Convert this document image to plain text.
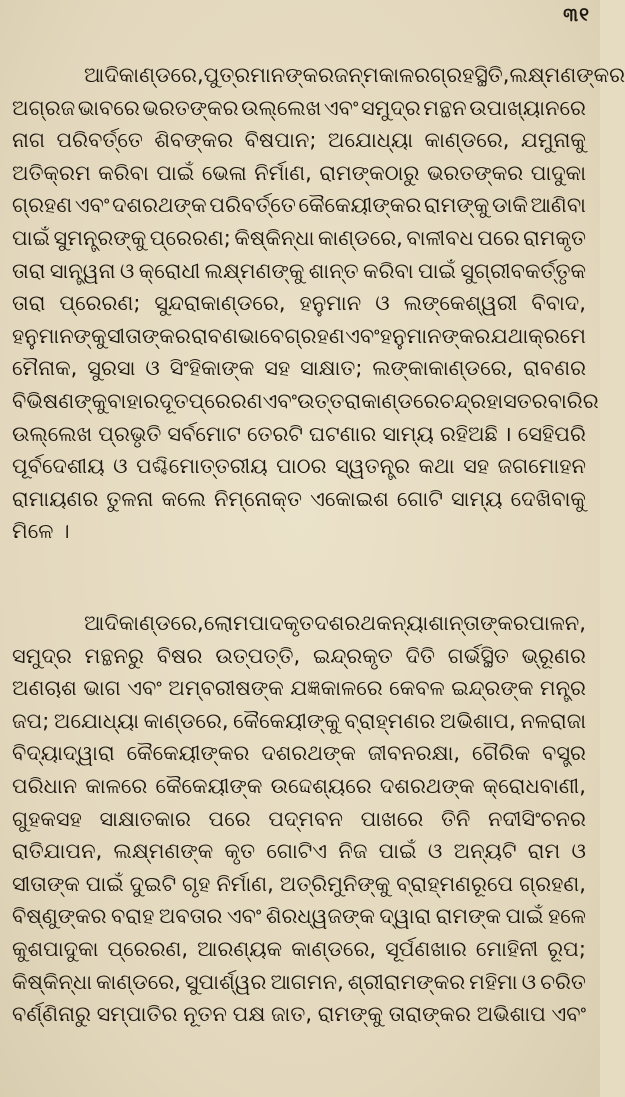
୩୧
ଆଦିକାଣ୍ଡରେ, ପୁତ୍ରମାନଙ୍କର ଜନ୍ମକାଳର ଗ୍ରହସ୍ଥିତି, ଲକ୍ଷ୍ମଣଙ୍କର
ଅଗ୍ରଜ ଭାବରେ ଭରତଙ୍କର ଉଲ୍ଲେଖ ଏବଂ ସମୁଦ୍ର ମନ୍ଥନ ଉପାଖ୍ୟାନରେ
ନାଗ ପରିବର୍ତ୍ତେ ଶିବଙ୍କର ବିଷପାନ; ଅଯୋଧ୍ୟା କାଣ୍ଡରେ, ଯମୁନାକୁ
ଅତିକ୍ରମ କରିବା ପାଇଁ ଭେଳା ନିର୍ମାଣ, ରାମଙ୍କଠାରୁ ଭରତଙ୍କର ପାଦୁକା
ଗ୍ରହଣ ଏବଂ ଦଶରଥଙ୍କ ପରିବର୍ତ୍ତେ କୈକେୟୀଙ୍କର ରାମଙ୍କୁ ଡାକି ଆଣିବା
ପାଇଁ ସୁମନ୍ତ୍ରଙ୍କୁ ପ୍ରେରଣ; କିଷ୍କିନ୍ଧା କାଣ୍ଡରେ, ବାଳୀବଧ ପରେ ରାମକୃତ
ତାରା ସାନ୍ତ୍ୱନା ଓ କ୍ରୋଧୀ ଲକ୍ଷ୍ମଣଙ୍କୁ ଶାନ୍ତ କରିବା ପାଇଁ ସୁଗ୍ରୀବକର୍ତ୍ତୃକ
ତାରା ପ୍ରେରଣ; ସୁନ୍ଦରାକାଣ୍ଡରେ, ହନୁମାନ ଓ ଲଙ୍କେଶ୍ୱରୀ ବିବାଦ,
ହନୁମାନଙ୍କୁ ସୀତାଙ୍କର ରାବଣଭାବେ ଗ୍ରହଣ ଏବଂ ହନୁମାନଙ୍କର ଯଥାକ୍ରମେ
ମୈନାକ, ସୁରସା ଓ ସିଂହିକାଙ୍କ ସହ ସାକ୍ଷାତ; ଲଙ୍କାକାଣ୍ଡରେ, ରାବଣର
ବିଭିଷଣଙ୍କୁ ବାହାର ଦୂତ ପ୍ରେରଣ ଏବଂ ଉତ୍ତରାକାଣ୍ଡରେ ଚନ୍ଦ୍ରହାସ ତରବାରିର
ଉଲ୍ଲେଖ ପ୍ରଭୃତି ସର୍ବମୋଟ ତେରଟି ଘଟଣାର ସାମ୍ୟ ରହିଅଛି । ସେହିପରି
ପୂର୍ବଦେଶୀୟ ଓ ପଶ୍ଚିମୋତ୍ତରୀୟ ପାଠର ସ୍ୱତନ୍ତ୍ର କଥା ସହ ଜଗମୋହନ
ରାମାୟଣର ତୁଳନା କଲେ ନିମ୍ନୋକ୍ତ ଏକୋଇଶ ଗୋଟି ସାମ୍ୟ ଦେଖିବାକୁ
ମିଳେ ।
ଆଦିକାଣ୍ଡରେ, ଲୋମପାଦକୃତ ଦଶରଥ କନ୍ୟା ଶାନ୍ତାଙ୍କର ପାଳନ,
ସମୁଦ୍ର ମନ୍ଥନରୁ ବିଷର ଉତ୍ପତ୍ତି, ଇନ୍ଦ୍ରକୃତ ଦିତି ଗର୍ଭସ୍ଥିତ ଭ୍ରୂଣର
ଅଣଚାଶ ଭାଗ ଏବଂ ଅମ୍ବରୀଷଙ୍କ ଯଜ୍ଞକାଳରେ କେବଳ ଇନ୍ଦ୍ରଙ୍କ ମନ୍ତ୍ର
ଜପ; ଅଯୋଧ୍ୟା କାଣ୍ଡରେ, କୈକେୟୀଙ୍କୁ ବ୍ରାହ୍ମଣର ଅଭିଶାପ, ନଳରାଜା
ବିଦ୍ୟାଦ୍ୱାରା କୈକେୟୀଙ୍କର ଦଶରଥଙ୍କ ଜୀବନରକ୍ଷା, ଗୈରିକ ବସ୍ତ୍ର
ପରିଧାନ କାଳରେ କୈକେୟୀଙ୍କ ଉଦ୍ଦେଶ୍ୟରେ ଦଶରଥଙ୍କ କ୍ରୋଧବାଣୀ,
ଗୁହକସହ ସାକ୍ଷାତକାର ପରେ ପଦ୍ମବନ ପାଖରେ ତିନି ନଦୀସିଂଚନର
ରାତିଯାପନ, ଲକ୍ଷ୍ମଣଙ୍କ କୃତ ଗୋଟିଏ ନିଜ ପାଇଁ ଓ ଅନ୍ୟଟି ରାମ ଓ
ସୀତାଙ୍କ ପାଇଁ ଦୁଇଟି ଗୃହ ନିର୍ମାଣ, ଅତ୍ରିମୁନିଙ୍କୁ ବ୍ରାହ୍ମଣରୂପେ ଗ୍ରହଣ,
ବିଷ୍ଣୁଙ୍କର ବରାହ ଅବତାର ଏବଂ ଶିରଧ୍ୱଜଙ୍କ ଦ୍ୱାରା ରାମଙ୍କ ପାଇଁ ହଳେ
କୁଶପାଦୁକା ପ୍ରେରଣ, ଆରଣ୍ୟକ କାଣ୍ଡରେ, ସୂର୍ପଣଖାର ମୋହିନୀ ରୂପ;
କିଷ୍କିନ୍ଧା କାଣ୍ଡରେ, ସୁପାର୍ଶ୍ୱର ଆଗମନ, ଶ୍ରୀରାମଙ୍କର ମହିମା ଓ ଚରିତ
ବର୍ଣ୍ଣିନାରୁ ସମ୍ପାତିର ନୂତନ ପକ୍ଷ ଜାତ, ରାମଙ୍କୁ ତାରାଙ୍କର ଅଭିଶାପ ଏବଂ
